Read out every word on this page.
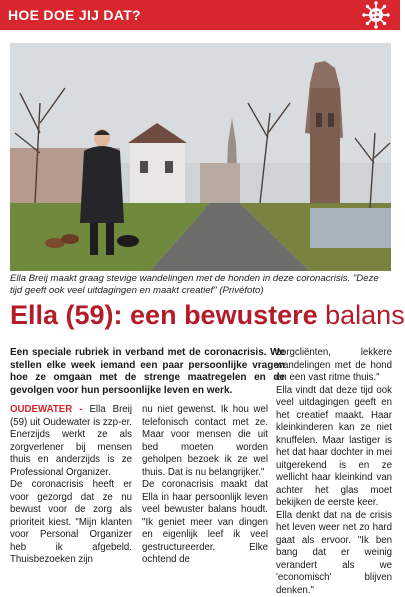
HOE DOE JIJ DAT?
Ella Breij maakt graag stevige wandelingen met de honden in deze coronacrisis. "Deze tijd geeft ook veel uitdagingen en maakt creatief" (Privéfoto)
Ella (59): een bewustere balans
Een speciale rubriek in verband met de coronacrisis. We stellen elke week iemand een paar persoonlijke vragen hoe ze omgaan met de strenge maatregelen en de gevolgen voor hun persoonlijke leven en werk.

OUDEWATER - Ella Breij (59) uit Oudewater is zzp-er. Enerzijds werkt ze als zorgverlener bij mensen thuis en anderzijds is ze Professional Organizer.

De coronacrisis heeft er voor gezorgd dat ze nu bewust voor de zorg als prioriteit kiest. "Mijn klanten voor Personal Organizer heb ik afgebeld. Thuisbezoeken zijn

nu niet gewenst. Ik hou wel telefonisch contact met ze. Maar voor mensen die uit bed moeten worden geholpen bezoek ik ze wel thuis. Dat is nu belangrijker."

De coronacrisis maakt dat Ella in haar persoonlijk leven veel bewuster balans houdt. "Ik geniet meer van dingen en eigenlijk leef ik veel gestructureerder. Elke ochtend de

zorgcliënten, lekkere wandelingen met de hond en een vast ritme thuis."

Ella vindt dat deze tijd ook veel uitdagingen geeft en het creatief maakt. Haar kleinkinderen kan ze niet knuffelen. Maar lastiger is het dat haar dochter in mei uitgerekend is en ze wellicht haar kleinkind van achter het glas moet bekijken de eerste keer.

Ella denkt dat na de crisis het leven weer net zo hard gaat als ervoor. "Ik ben bang dat er weinig verandert als we 'economisch' blijven denken."
